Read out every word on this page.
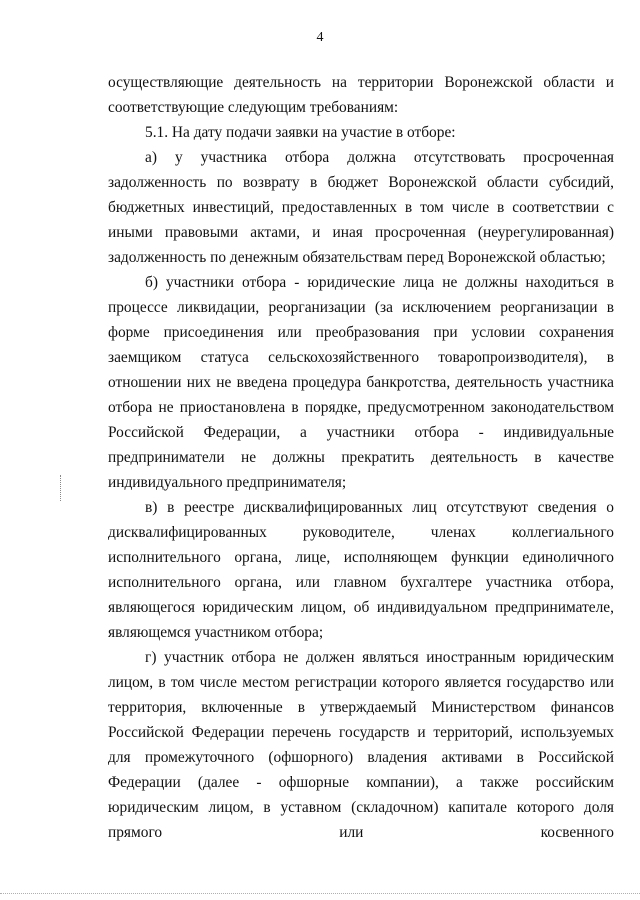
4

осуществляющие деятельность на территории Воронежской области и соответствующие следующим требованиям:

5.1. На дату подачи заявки на участие в отборе:

а) у участника отбора должна отсутствовать просроченная задолженность по возврату в бюджет Воронежской области субсидий, бюджетных инвестиций, предоставленных в том числе в соответствии с иными правовыми актами, и иная просроченная (неурегулированная) задолженность по денежным обязательствам перед Воронежской областью;

б) участники отбора - юридические лица не должны находиться в процессе ликвидации, реорганизации (за исключением реорганизации в форме присоединения или преобразования при условии сохранения заемщиком статуса сельскохозяйственного товаропроизводителя), в отношении них не введена процедура банкротства, деятельность участника отбора не приостановлена в порядке, предусмотренном законодательством Российской Федерации, а участники отбора - индивидуальные предприниматели не должны прекратить деятельность в качестве индивидуального предпринимателя;

в) в реестре дисквалифицированных лиц отсутствуют сведения о дисквалифицированных руководителе, членах коллегиального исполнительного органа, лице, исполняющем функции единоличного исполнительного органа, или главном бухгалтере участника отбора, являющегося юридическим лицом, об индивидуальном предпринимателе, являющемся участником отбора;

г) участник отбора не должен являться иностранным юридическим лицом, в том числе местом регистрации которого является государство или территория, включенные в утверждаемый Министерством финансов Российской Федерации перечень государств и территорий, используемых для промежуточного (офшорного) владения активами в Российской Федерации (далее - офшорные компании), а также российским юридическим лицом, в уставном (складочном) капитале которого доля прямого или косвенного
